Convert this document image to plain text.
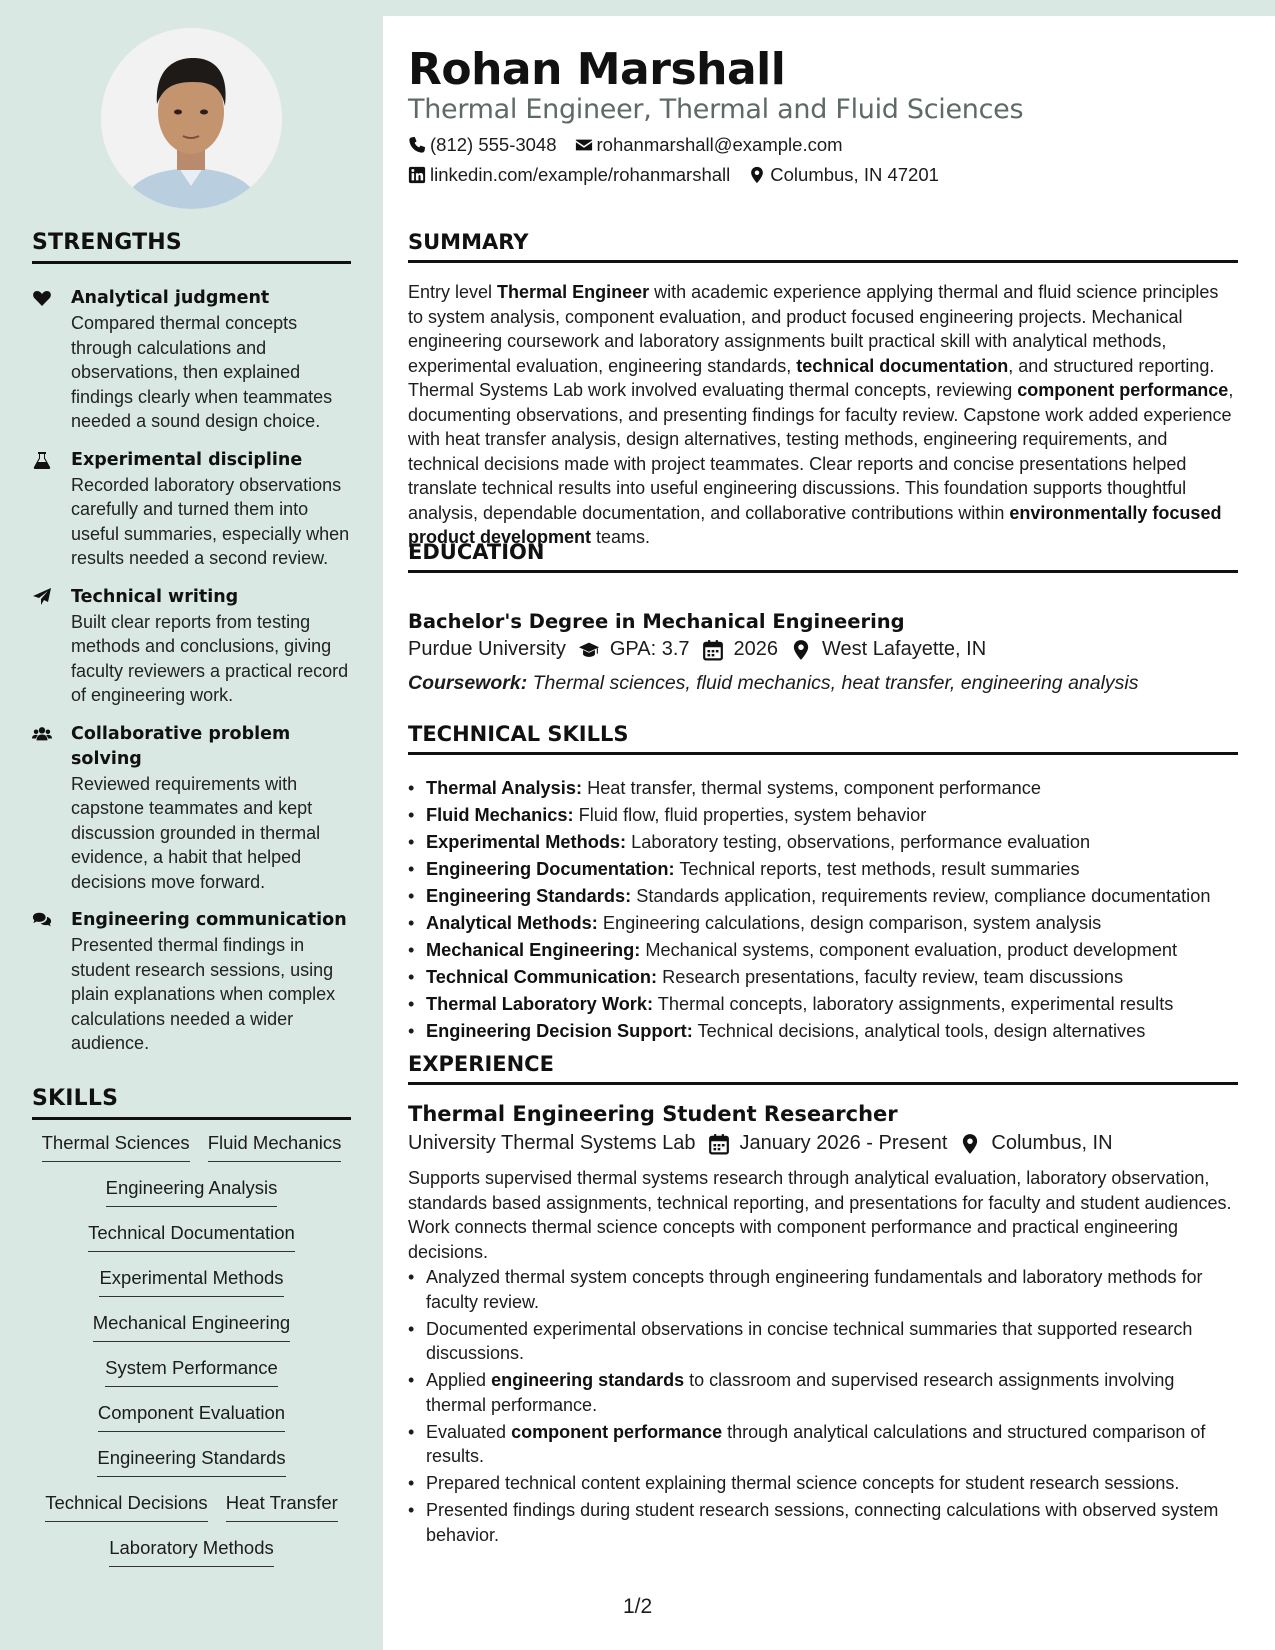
STRENGTHS
Analytical judgment
Compared thermal concepts through calculations and observations, then explained findings clearly when teammates needed a sound design choice.
Experimental discipline
Recorded laboratory observations carefully and turned them into useful summaries, especially when results needed a second review.
Technical writing
Built clear reports from testing methods and conclusions, giving faculty reviewers a practical record of engineering work.
Collaborative problem solving
Reviewed requirements with capstone teammates and kept discussion grounded in thermal evidence, a habit that helped decisions move forward.
Engineering communication
Presented thermal findings in student research sessions, using plain explanations when complex calculations needed a wider audience.
SKILLS
Thermal Sciences Fluid Mechanics
Engineering Analysis
Technical Documentation
Experimental Methods
Mechanical Engineering
System Performance
Component Evaluation
Engineering Standards
Technical Decisions Heat Transfer
Laboratory Methods
Rohan Marshall
Thermal Engineer, Thermal and Fluid Sciences
(812) 555-3048 rohanmarshall@example.com
linkedin.com/example/rohanmarshall Columbus, IN 47201
SUMMARY
Entry level Thermal Engineer with academic experience applying thermal and fluid science principles to system analysis, component evaluation, and product focused engineering projects. Mechanical engineering coursework and laboratory assignments built practical skill with analytical methods, experimental evaluation, engineering standards, technical documentation, and structured reporting. Thermal Systems Lab work involved evaluating thermal concepts, reviewing component performance, documenting observations, and presenting findings for faculty review. Capstone work added experience with heat transfer analysis, design alternatives, testing methods, engineering requirements, and technical decisions made with project teammates. Clear reports and concise presentations helped translate technical results into useful engineering discussions. This foundation supports thoughtful analysis, dependable documentation, and collaborative contributions within environmentally focused product development teams.
EDUCATION
Bachelor's Degree in Mechanical Engineering
Purdue University GPA: 3.7 2026 West Lafayette, IN
Coursework: Thermal sciences, fluid mechanics, heat transfer, engineering analysis
TECHNICAL SKILLS
• Thermal Analysis: Heat transfer, thermal systems, component performance
• Fluid Mechanics: Fluid flow, fluid properties, system behavior
• Experimental Methods: Laboratory testing, observations, performance evaluation
• Engineering Documentation: Technical reports, test methods, result summaries
• Engineering Standards: Standards application, requirements review, compliance documentation
• Analytical Methods: Engineering calculations, design comparison, system analysis
• Mechanical Engineering: Mechanical systems, component evaluation, product development
• Technical Communication: Research presentations, faculty review, team discussions
• Thermal Laboratory Work: Thermal concepts, laboratory assignments, experimental results
• Engineering Decision Support: Technical decisions, analytical tools, design alternatives
EXPERIENCE
Thermal Engineering Student Researcher
University Thermal Systems Lab January 2026 - Present Columbus, IN
Supports supervised thermal systems research through analytical evaluation, laboratory observation, standards based assignments, technical reporting, and presentations for faculty and student audiences. Work connects thermal science concepts with component performance and practical engineering decisions.
• Analyzed thermal system concepts through engineering fundamentals and laboratory methods for faculty review.
• Documented experimental observations in concise technical summaries that supported research discussions.
• Applied engineering standards to classroom and supervised research assignments involving thermal performance.
• Evaluated component performance through analytical calculations and structured comparison of results.
• Prepared technical content explaining thermal science concepts for student research sessions.
• Presented findings during student research sessions, connecting calculations with observed system behavior.
1/2
